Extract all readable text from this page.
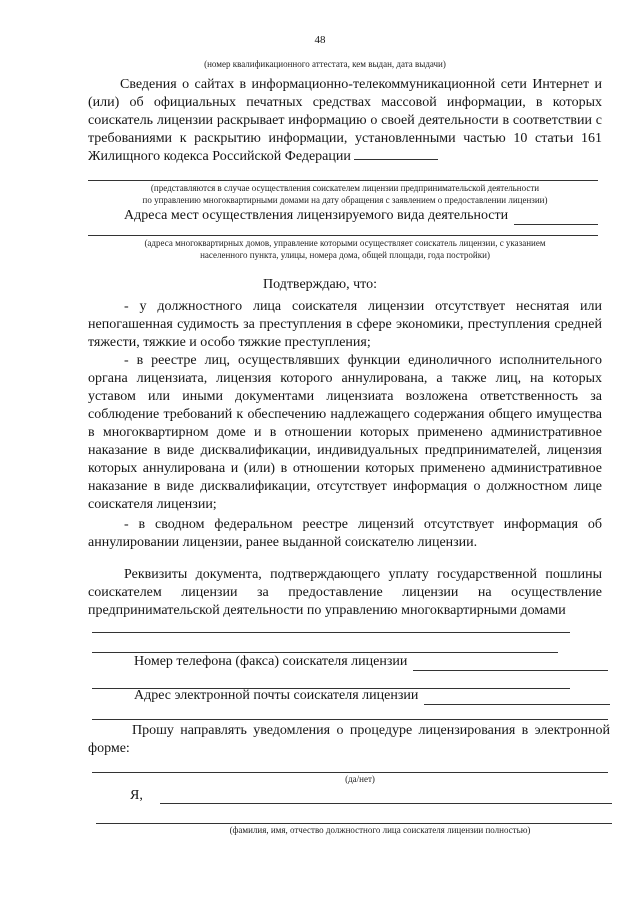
48
(номер квалификационного аттестата, кем выдан, дата выдачи)
Сведения о сайтах в информационно-телекоммуникационной сети Интернет и (или) об официальных печатных средствах массовой информации, в которых соискатель лицензии раскрывает информацию о своей деятельности в соответствии с требованиями к раскрытию информации, установленными частью 10 статьи 161 Жилищного кодекса Российской Федерации
(представляются в случае осуществления соискателем лицензии предпринимательской деятельности
по управлению многоквартирными домами на дату обращения с заявлением о предоставлении лицензии)
Адреса мест осуществления лицензируемого вида деятельности
(адреса многоквартирных домов, управление которыми осуществляет соискатель лицензии, с указанием
населенного пункта, улицы, номера дома, общей площади, года постройки)
Подтверждаю, что:
- у должностного лица соискателя лицензии отсутствует неснятая или непогашенная судимость за преступления в сфере экономики, преступления средней тяжести, тяжкие и особо тяжкие преступления;
- в реестре лиц, осуществлявших функции единоличного исполнительного органа лицензиата, лицензия которого аннулирована, а также лиц, на которых уставом или иными документами лицензиата возложена ответственность за соблюдение требований к обеспечению надлежащего содержания общего имущества в многоквартирном доме и в отношении которых применено административное наказание в виде дисквалификации, индивидуальных предпринимателей, лицензия которых аннулирована и (или) в отношении которых применено административное наказание в виде дисквалификации, отсутствует информация о должностном лице соискателя лицензии;
- в сводном федеральном реестре лицензий отсутствует информация об аннулировании лицензии, ранее выданной соискателю лицензии.
Реквизиты документа, подтверждающего уплату государственной пошлины соискателем лицензии за предоставление лицензии на осуществление предпринимательской деятельности по управлению многоквартирными домами
Номер телефона (факса) соискателя лицензии
Адрес электронной почты соискателя лицензии
Прошу направлять уведомления о процедуре лицензирования в электронной форме:
(да/нет)
Я,
(фамилия, имя, отчество должностного лица соискателя лицензии полностью)
